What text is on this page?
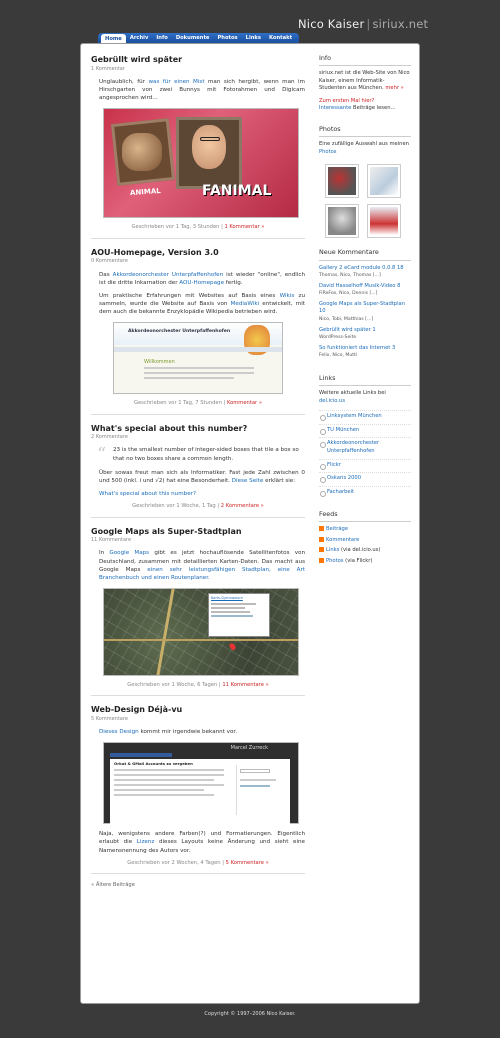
Nico Kaiser | siriux.net
Home	Archiv	Info	Dokumente	Photos	Links	Kontakt
Gebrüllt wird später
1 Kommentar

Unglaublich, für was für einen Mist man sich hergibt, wenn man im Hirschgarten von zwei Bunnys mit Fotorahmen und Digicam angesprochen wird...

ANIMAL	FANIMAL
Geschrieben vor 1 Tag, 3 Stunden | 1 Kommentar »
AOU-Homepage, Version 3.0
0 Kommentare

Das Akkordeonorchester Unterpfaffenhofen ist wieder "online", endlich ist die dritte Inkarnation der AOU-Homepage fertig.

Um praktische Erfahrungen mit Websites auf Basis eines Wikis zu sammeln, wurde die Website auf Basis von MediaWiki entwickelt, mit dem auch die bekannte Enzyklopädie Wikipedia betrieben wird.

Akkordeonorchester Unterpfaffenhofen
Willkommen
Geschrieben vor 1 Tag, 7 Stunden | Kommentar »
What's special about this number?
2 Kommentare
“ 23 is the smallest number of integer-sided boxes that tile a box so that no two boxes share a common length.

Über sowas freut man sich als Informatiker. Fast jede Zahl zwischen 0 und 500 (inkl. i und √2) hat eine Besonderheit. Diese Seite erklärt sie:

What's special about this number?

Geschrieben vor 1 Woche, 1 Tag | 2 Kommentare »
Google Maps als Super-Stadtplan
11 Kommentare

In Google Maps gibt es jetzt hochauflösende Satellitenfotos von Deutschland, zusammen mit detaillierten Karten-Daten. Das macht aus Google Maps einen sehr leistungsfähigen Stadtplan, eine Art Branchenbuch und einen Routenplaner.

Karls-Gymnasium
Geschrieben vor 1 Woche, 6 Tagen | 11 Kommentare »
Web-Design Déjà-vu
5 Kommentare

Dieses Design kommt mir irgendwie bekannt vor.

Marcel Zurreck
Orkut & GMail Accounts zu vergeben

Naja, wenigstens andere Farben(?) und Formatierungen. Eigentlich erlaubt die Lizenz dieses Layouts keine Änderung und sieht eine Namensnennung des Autors vor.

Geschrieben vor 2 Wochen, 4 Tagen | 5 Kommentare »
« Ältere Beiträge
Info

siriux.net ist die Web-Site von Nico Kaiser, einem Informatik-Studenten aus München. mehr »

Zum ersten Mal hier?
Interessante Beiträge lesen...

Photos

Eine zufällige Auswahl aus meinen Photos

Neue Kommentare
Gallery 2 eCard module 0.0.8 18
Thomas, Nico, Thomas [...]
David Hasselhoff Musik-Video 8
FiReFox, Nico, Dennis [...]
Google Maps als Super-Stadtplan 10
Nico, Tobi, Matthias [...]
Gebrüllt wird später 1
WordPress-Seite
So funktioniert das Internet 3
Felix, Nico, Mutti
Links

Weitere aktuelle Links bei del.icio.us

Linksystem München
TU München
Akkordeonorchester Unterpfaffenhofen
Flickr
Oskaris 2000
Facharbeit
Feeds
Beiträge
Kommentare
Links (via del.icio.us)
Photos (via Flickr)
Copyright © 1997–2006 Nico Kaiser.
